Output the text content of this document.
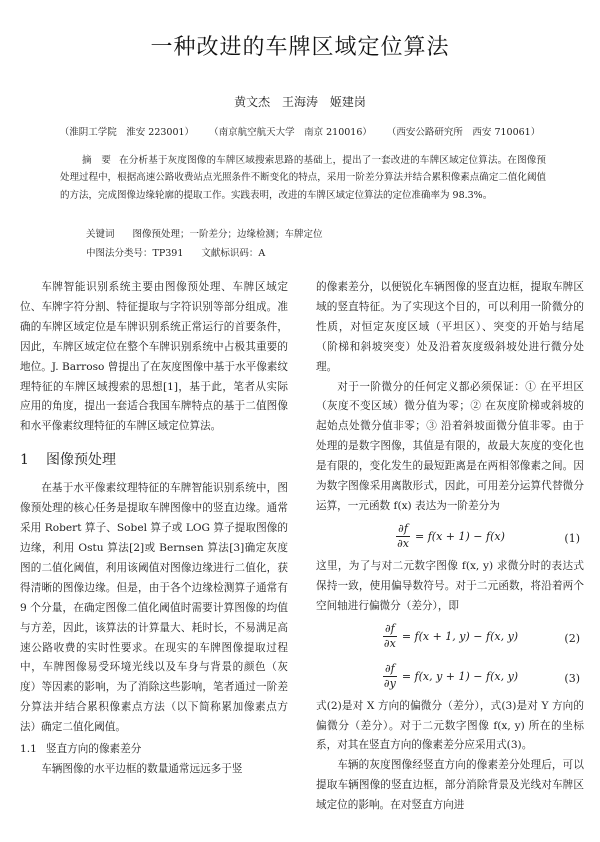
一种改进的车牌区域定位算法
黄文杰 王海涛 姬建岗
（淮阴工学院　淮安 223001） （南京航空航天大学　南京 210016） （西安公路研究所　西安 710061）
摘　要 在分析基于灰度图像的车牌区域搜索思路的基础上，提出了一套改进的车牌区域定位算法。在图像预处理过程中，根据高速公路收费站点光照条件不断变化的特点，采用一阶差分算法并结合累积像素点确定二值化阈值的方法，完成图像边缘轮廓的提取工作。实践表明，改进的车牌区域定位算法的定位准确率为 98.3%。
关键词 图像预处理；一阶差分；边缘检测；车牌定位
中图法分类号：TP391 文献标识码：A

车牌智能识别系统主要由图像预处理、车牌区域定位、车牌字符分割、特征提取与字符识别等部分组成。准确的车牌区域定位是车牌识别系统正常运行的首要条件，因此，车牌区域定位在整个车牌识别系统中占极其重要的地位。J. Barroso 曾提出了在灰度图像中基于水平像素纹理特征的车牌区域搜索的思想[1]，基于此，笔者从实际应用的角度，提出一套适合我国车牌特点的基于二值图像和水平像素纹理特征的车牌区域定位算法。

1 图像预处理

在基于水平像素纹理特征的车牌智能识别系统中，图像预处理的核心任务是提取车牌图像中的竖直边缘。通常采用 Robert 算子、Sobel 算子或 LOG 算子提取图像的边缘，利用 Ostu 算法[2]或 Bernsen 算法[3]确定灰度图的二值化阈值，利用该阈值对图像边缘进行二值化，获得清晰的图像边缘。但是，由于各个边缘检测算子通常有 9 个分量，在确定图像二值化阈值时需要计算图像的均值与方差，因此，该算法的计算量大、耗时长，不易满足高速公路收费的实时性要求。在现实的车牌图像提取过程中，车牌图像易受环境光线以及车身与背景的颜色（灰度）等因素的影响，为了消除这些影响，笔者通过一阶差分算法并结合累积像素点方法（以下简称累加像素点方法）确定二值化阈值。

1.1 竖直方向的像素差分

车辆图像的水平边框的数量通常远远多于竖

的像素差分，以便锐化车辆图像的竖直边框，提取车牌区域的竖直特征。为了实现这个目的，可以利用一阶微分的性质，对恒定灰度区域（平坦区）、突变的开始与结尾（阶梯和斜坡突变）处及沿着灰度级斜坡处进行微分处理。

对于一阶微分的任何定义都必须保证：① 在平坦区（灰度不变区域）微分值为零；② 在灰度阶梯或斜坡的起始点处微分值非零；③ 沿着斜坡面微分值非零。由于处理的是数字图像，其值是有限的，故最大灰度的变化也是有限的，变化发生的最短距离是在两相邻像素之间。因为数字图像采用离散形式，因此，可用差分运算代替微分运算，一元函数 f(x) 表达为一阶差分为

$\frac{\partial f}{\partial x} = f(x + 1) - f(x)$	(1)

这里，为了与对二元数字图像 f(x, y) 求微分时的表达式保持一致，使用偏导数符号。对于二元函数，将沿着两个空间轴进行偏微分（差分），即

$\frac{\partial f}{\partial x} = f(x + 1$, y) − f(x, y)	(2)
$\frac{\partial f}{\partial y} = f(x$, y + 1) − f(x, y)	(3)

式(2)是对 X 方向的偏微分（差分），式(3)是对 Y 方向的偏微分（差分）。对于二元数字图像 f(x, y) 所在的坐标系，对其在竖直方向的像素差分应采用式(3)。

车辆的灰度图像经竖直方向的像素差分处理后，可以提取车辆图像的竖直边框，部分消除背景及光线对车牌区域定位的影响。在对竖直方向进
